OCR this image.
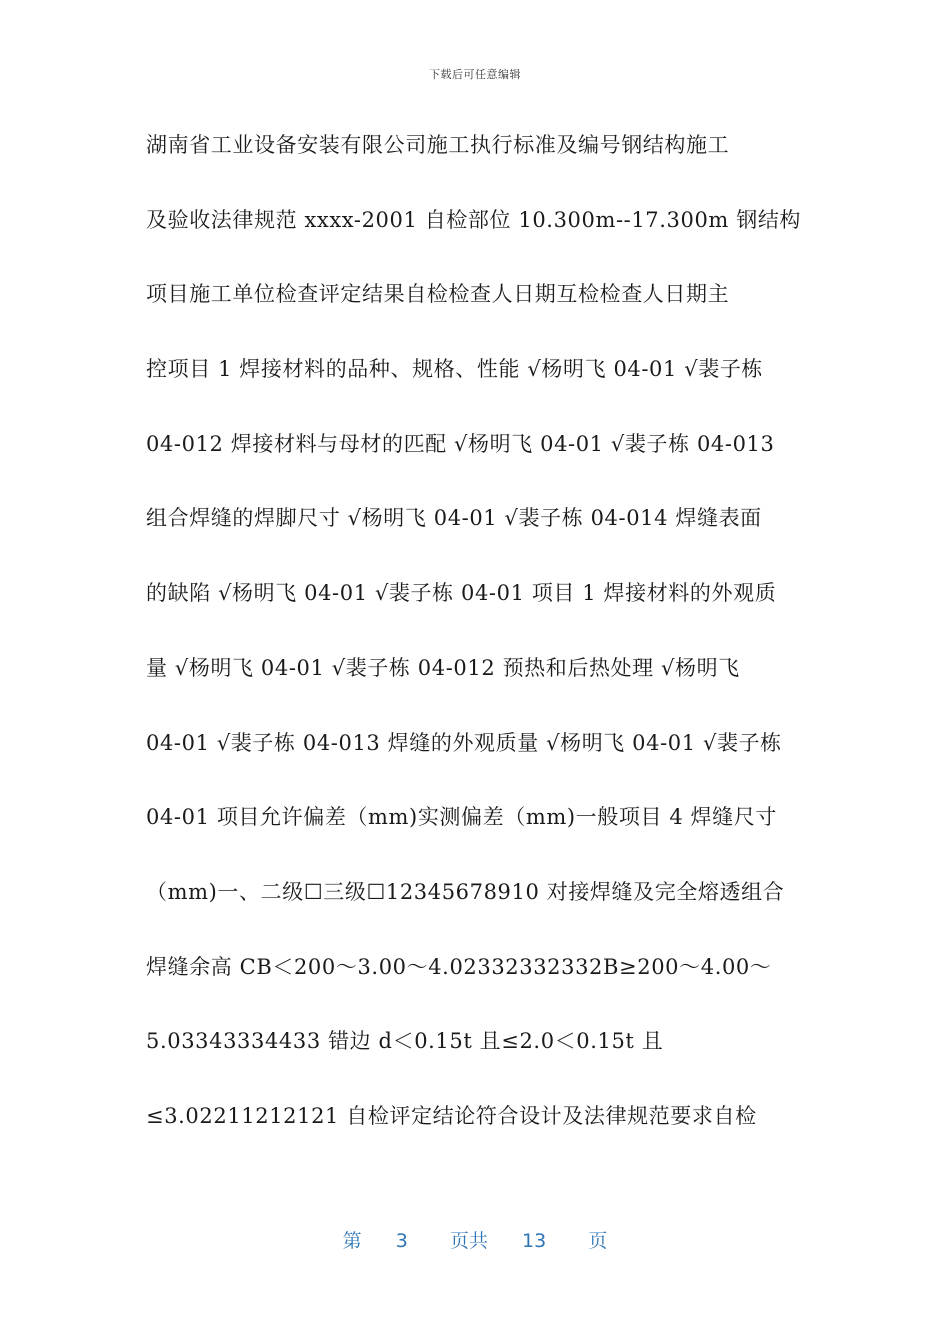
下载后可任意编辑
湖南省工业设备安装有限公司施工执行标准及编号钢结构施工
及验收法律规范 xxxx-2001 自检部位 10.300m--17.300m 钢结构
项目施工单位检查评定结果自检检查人日期互检检查人日期主
控项目 1 焊接材料的品种、规格、性能 √杨明飞 04-01 √裴子栋
04-012 焊接材料与母材的匹配 √杨明飞 04-01 √裴子栋 04-013
组合焊缝的焊脚尺寸 √杨明飞 04-01 √裴子栋 04-014 焊缝表面
的缺陷 √杨明飞 04-01 √裴子栋 04-01 项目 1 焊接材料的外观质
量 √杨明飞 04-01 √裴子栋 04-012 预热和后热处理 √杨明飞
04-01 √裴子栋 04-013 焊缝的外观质量 √杨明飞 04-01 √裴子栋
04-01 项目允许偏差（mm)实测偏差（mm)一般项目 4 焊缝尺寸
（mm)一、二级☐三级☐12345678910 对接焊缝及完全熔透组合
焊缝余高 CB＜200～3.00～4.02332332332B≥200～4.00～
5.03343334433 错边 d＜0.15t 且≤2.0＜0.15t 且
≤3.02211212121 自检评定结论符合设计及法律规范要求自检
第 3 页共 13 页
